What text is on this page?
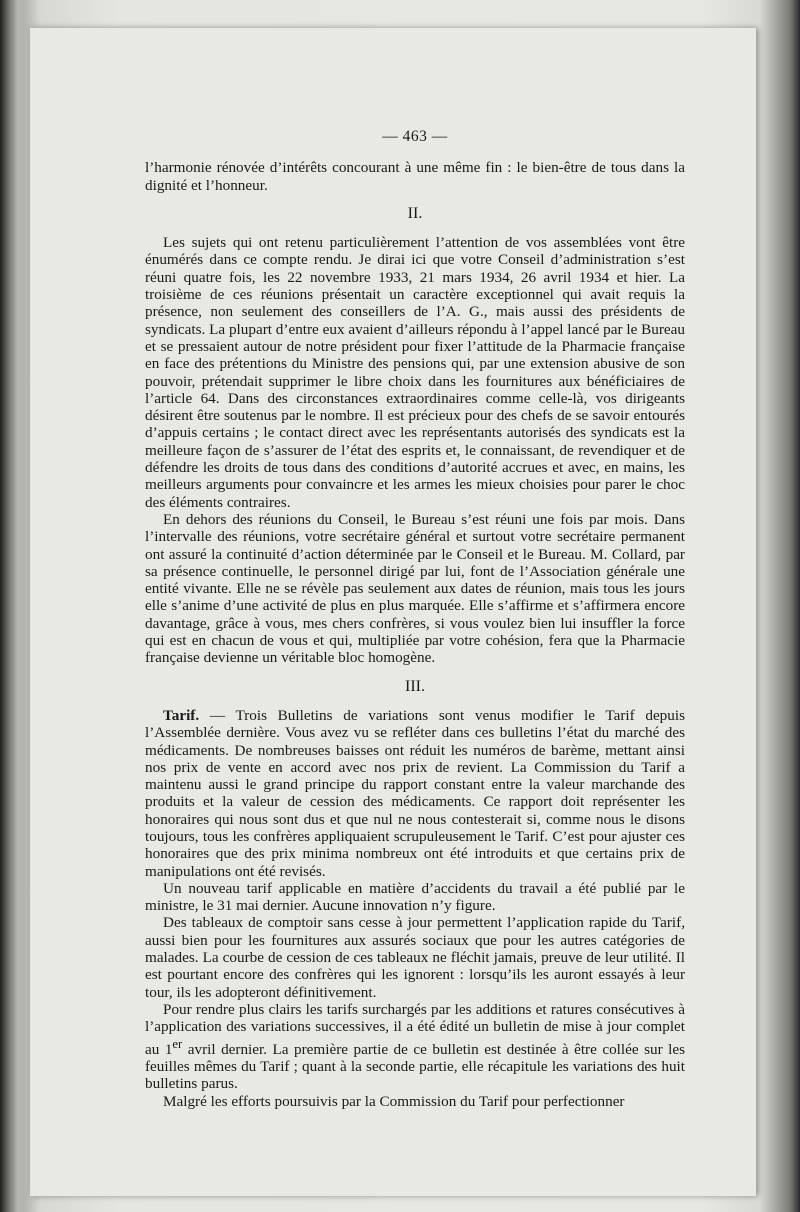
— 463 —

l’harmonie rénovée d’intérêts concourant à une même fin : le bien-être de tous dans la dignité et l’honneur.

II.

Les sujets qui ont retenu particulièrement l’attention de vos assemblées vont être énumérés dans ce compte rendu. Je dirai ici que votre Conseil d’administration s’est réuni quatre fois, les 22 novembre 1933, 21 mars 1934, 26 avril 1934 et hier. La troisième de ces réunions présentait un caractère exceptionnel qui avait requis la présence, non seulement des conseillers de l’A. G., mais aussi des présidents de syndicats. La plupart d’entre eux avaient d’ailleurs répondu à l’appel lancé par le Bureau et se pressaient autour de notre président pour fixer l’attitude de la Pharmacie française en face des prétentions du Ministre des pensions qui, par une extension abusive de son pouvoir, prétendait supprimer le libre choix dans les fournitures aux bénéficiaires de l’article 64. Dans des circonstances extraordinaires comme celle-là, vos dirigeants désirent être soutenus par le nombre. Il est précieux pour des chefs de se savoir entourés d’appuis certains ; le contact direct avec les représentants autorisés des syndicats est la meilleure façon de s’assurer de l’état des esprits et, le connaissant, de revendiquer et de défendre les droits de tous dans des conditions d’autorité accrues et avec, en mains, les meilleurs arguments pour convaincre et les armes les mieux choisies pour parer le choc des éléments contraires.

En dehors des réunions du Conseil, le Bureau s’est réuni une fois par mois. Dans l’intervalle des réunions, votre secrétaire général et surtout votre secrétaire permanent ont assuré la continuité d’action déterminée par le Conseil et le Bureau. M. Collard, par sa présence continuelle, le personnel dirigé par lui, font de l’Association générale une entité vivante. Elle ne se révèle pas seulement aux dates de réunion, mais tous les jours elle s’anime d’une activité de plus en plus marquée. Elle s’affirme et s’affirmera encore davantage, grâce à vous, mes chers confrères, si vous voulez bien lui insuffler la force qui est en chacun de vous et qui, multipliée par votre cohésion, fera que la Pharmacie française devienne un véritable bloc homogène.

III.

Tarif. — Trois Bulletins de variations sont venus modifier le Tarif depuis l’Assemblée dernière. Vous avez vu se refléter dans ces bulletins l’état du marché des médicaments. De nombreuses baisses ont réduit les numéros de barème, mettant ainsi nos prix de vente en accord avec nos prix de revient. La Commission du Tarif a maintenu aussi le grand principe du rapport constant entre la valeur marchande des produits et la valeur de cession des médicaments. Ce rapport doit représenter les honoraires qui nous sont dus et que nul ne nous contesterait si, comme nous le disons toujours, tous les confrères appliquaient scrupuleusement le Tarif. C’est pour ajuster ces honoraires que des prix minima nombreux ont été introduits et que certains prix de manipulations ont été revisés.

Un nouveau tarif applicable en matière d’accidents du travail a été publié par le ministre, le 31 mai dernier. Aucune innovation n’y figure.

Des tableaux de comptoir sans cesse à jour permettent l’application rapide du Tarif, aussi bien pour les fournitures aux assurés sociaux que pour les autres catégories de malades. La courbe de cession de ces tableaux ne fléchit jamais, preuve de leur utilité. Il est pourtant encore des confrères qui les ignorent : lorsqu’ils les auront essayés à leur tour, ils les adopteront définitivement.

Pour rendre plus clairs les tarifs surchargés par les additions et ratures consécutives à l’application des variations successives, il a été édité un bulletin de mise à jour complet au 1er avril dernier. La première partie de ce bulletin est destinée à être collée sur les feuilles mêmes du Tarif ; quant à la seconde partie, elle récapitule les variations des huit bulletins parus.

Malgré les efforts poursuivis par la Commission du Tarif pour perfectionner
